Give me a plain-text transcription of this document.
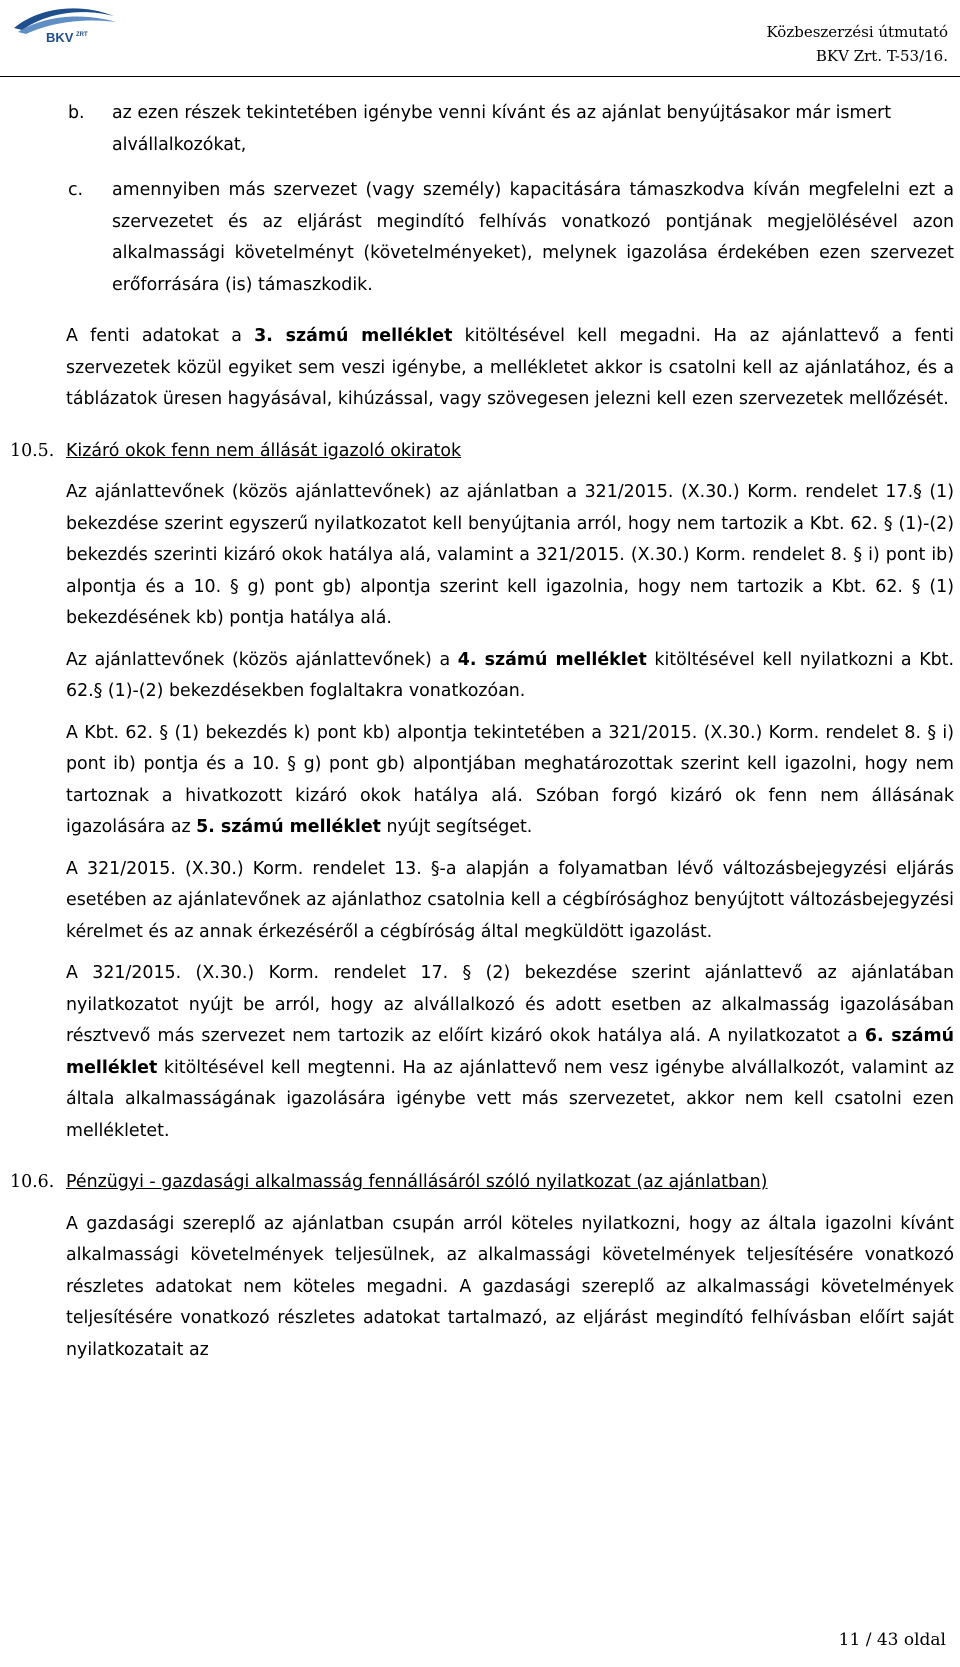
BKV ZRT	Közbeszerzési útmutató
BKV Zrt. T-53/16.
b. az ezen részek tekintetében igénybe venni kívánt és az ajánlat benyújtásakor már ismert alvállalkozókat,

c. amennyiben más szervezet (vagy személy) kapacitására támaszkodva kíván megfelelni ezt a szervezetet és az eljárást megindító felhívás vonatkozó pontjának megjelölésével azon alkalmassági követelményt (követelményeket), melynek igazolása érdekében ezen szervezet erőforrására (is) támaszkodik.

A fenti adatokat a 3. számú melléklet kitöltésével kell megadni. Ha az ajánlattevő a fenti szervezetek közül egyiket sem veszi igénybe, a mellékletet akkor is csatolni kell az ajánlatához, és a táblázatok üresen hagyásával, kihúzással, vagy szövegesen jelezni kell ezen szervezetek mellőzését.

10.5. Kizáró okok fenn nem állását igazoló okiratok

Az ajánlattevőnek (közös ajánlattevőnek) az ajánlatban a 321/2015. (X.30.) Korm. rendelet 17.§ (1) bekezdése szerint egyszerű nyilatkozatot kell benyújtania arról, hogy nem tartozik a Kbt. 62. § (1)-(2) bekezdés szerinti kizáró okok hatálya alá, valamint a 321/2015. (X.30.) Korm. rendelet 8. § i) pont ib) alpontja és a 10. § g) pont gb) alpontja szerint kell igazolnia, hogy nem tartozik a Kbt. 62. § (1) bekezdésének kb) pontja hatálya alá.

Az ajánlattevőnek (közös ajánlattevőnek) a 4. számú melléklet kitöltésével kell nyilatkozni a Kbt. 62.§ (1)-(2) bekezdésekben foglaltakra vonatkozóan.

A Kbt. 62. § (1) bekezdés k) pont kb) alpontja tekintetében a 321/2015. (X.30.) Korm. rendelet 8. § i) pont ib) pontja és a 10. § g) pont gb) alpontjában meghatározottak szerint kell igazolni, hogy nem tartoznak a hivatkozott kizáró okok hatálya alá. Szóban forgó kizáró ok fenn nem állásának igazolására az 5. számú melléklet nyújt segítséget.

A 321/2015. (X.30.) Korm. rendelet 13. §-a alapján a folyamatban lévő változásbejegyzési eljárás esetében az ajánlatevőnek az ajánlathoz csatolnia kell a cégbírósághoz benyújtott változásbejegyzési kérelmet és az annak érkezéséről a cégbíróság által megküldött igazolást.

A 321/2015. (X.30.) Korm. rendelet 17. § (2) bekezdése szerint ajánlattevő az ajánlatában nyilatkozatot nyújt be arról, hogy az alvállalkozó és adott esetben az alkalmasság igazolásában résztvevő más szervezet nem tartozik az előírt kizáró okok hatálya alá. A nyilatkozatot a 6. számú melléklet kitöltésével kell megtenni. Ha az ajánlattevő nem vesz igénybe alvállalkozót, valamint az általa alkalmasságának igazolására igénybe vett más szervezetet, akkor nem kell csatolni ezen mellékletet.

10.6. Pénzügyi - gazdasági alkalmasság fennállásáról szóló nyilatkozat (az ajánlatban)

A gazdasági szereplő az ajánlatban csupán arról köteles nyilatkozni, hogy az általa igazolni kívánt alkalmassági követelmények teljesülnek, az alkalmassági követelmények teljesítésére vonatkozó részletes adatokat nem köteles megadni. A gazdasági szereplő az alkalmassági követelmények teljesítésére vonatkozó részletes adatokat tartalmazó, az eljárást megindító felhívásban előírt saját nyilatkozatait az

11 / 43 oldal
